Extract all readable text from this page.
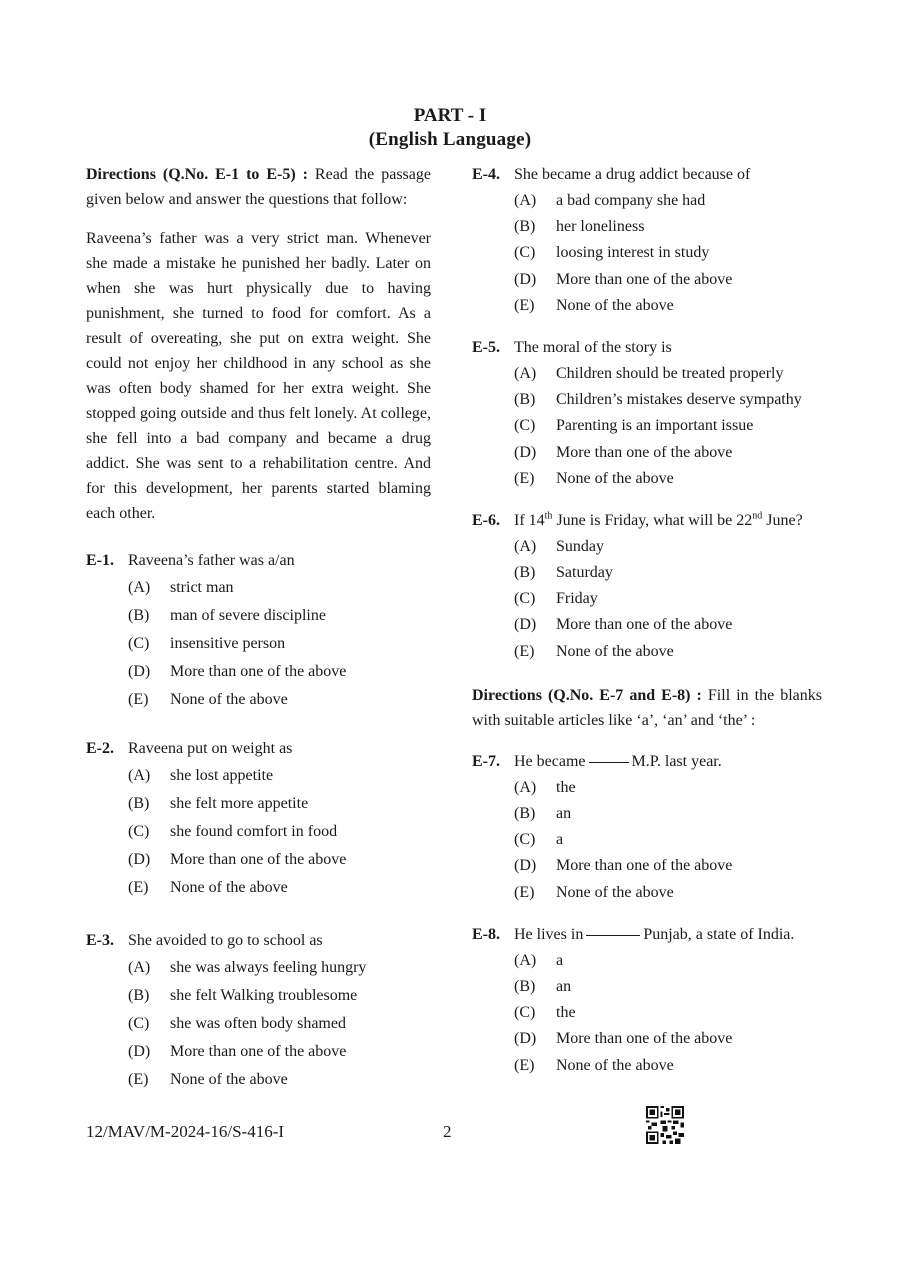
PART - I
(English Language)
Directions (Q.No. E-1 to E-5) : Read the passage given below and answer the questions that follow:
Raveena’s father was a very strict man. Whenever she made a mistake he punished her badly. Later on when she was hurt physically due to having punishment, she turned to food for comfort. As a result of overeating, she put on extra weight. She could not enjoy her childhood in any school as she was often body shamed for her extra weight. She stopped going outside and thus felt lonely. At college, she fell into a bad company and became a drug addict. She was sent to a rehabilitation centre. And for this development, her parents started blaming each other.
E-1. Raveena’s father was a/an
(A) strict man
(B) man of severe discipline
(C) insensitive person
(D) More than one of the above
(E) None of the above
E-2. Raveena put on weight as
(A) she lost appetite
(B) she felt more appetite
(C) she found comfort in food
(D) More than one of the above
(E) None of the above
E-3. She avoided to go to school as
(A) she was always feeling hungry
(B) she felt Walking troublesome
(C) she was often body shamed
(D) More than one of the above
(E) None of the above
E-4. She became a drug addict because of
(A) a bad company she had
(B) her loneliness
(C) loosing interest in study
(D) More than one of the above
(E) None of the above
E-5. The moral of the story is
(A) Children should be treated properly
(B) Children’s mistakes deserve sympathy
(C) Parenting is an important issue
(D) More than one of the above
(E) None of the above
E-6. If 14th June is Friday, what will be 22nd June?
(A) Sunday
(B) Saturday
(C) Friday
(D) More than one of the above
(E) None of the above
Directions (Q.No. E-7 and E-8) : Fill in the blanks with suitable articles like ‘a’, ‘an’ and ‘the’ :
E-7. He became	M.P. last year.
(A) the
(B) an
(C) a
(D) More than one of the above
(E) None of the above
E-8. He lives in	Punjab, a state of India.
(A) a
(B) an
(C) the
(D) More than one of the above
(E) None of the above
12/MAV/M-2024-16/S-416-I	2
